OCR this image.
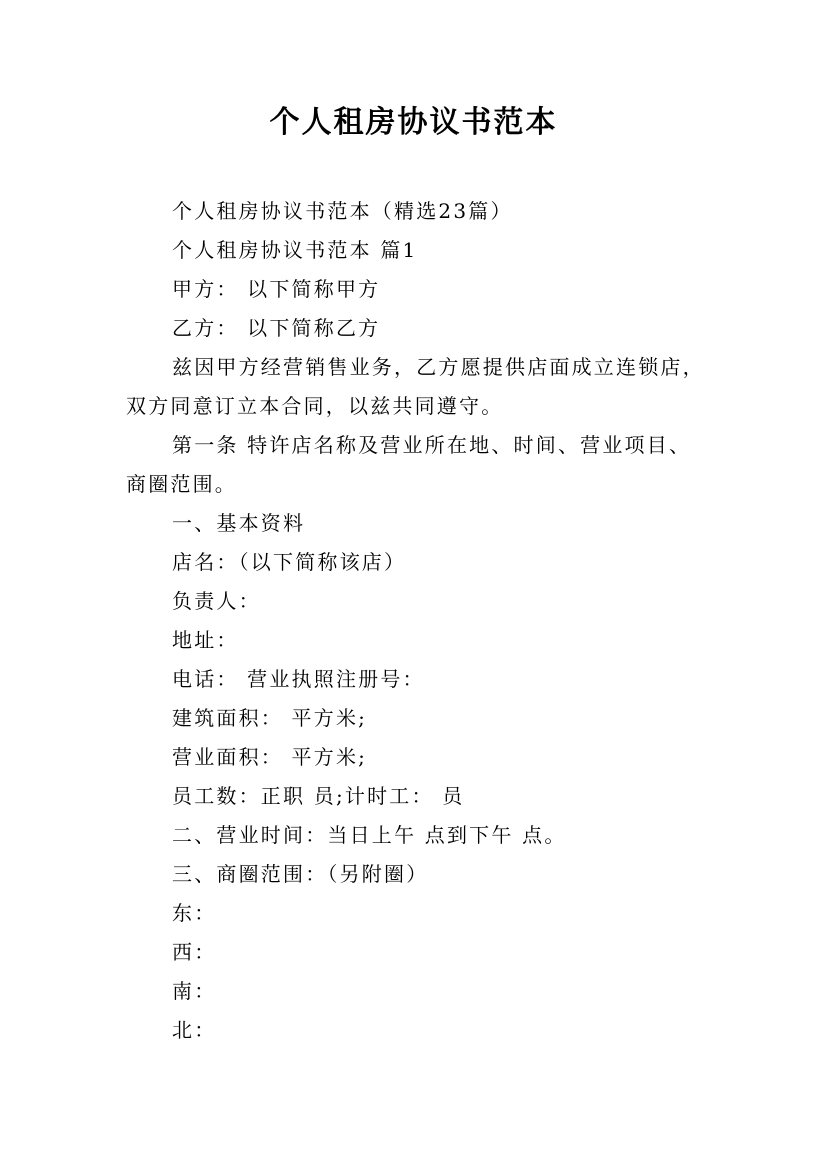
个人租房协议书范本
个人租房协议书范本（精选23篇）
个人租房协议书范本 篇1
甲方： 以下简称甲方
乙方： 以下简称乙方
兹因甲方经营销售业务，乙方愿提供店面成立连锁店，
双方同意订立本合同，以兹共同遵守。
第一条 特许店名称及营业所在地、时间、营业项目、
商圈范围。
一、基本资料
店名：（以下简称该店）
负责人：
地址：
电话： 营业执照注册号：
建筑面积： 平方米;
营业面积： 平方米;
员工数：正职 员;计时工： 员
二、营业时间：当日上午 点到下午 点。
三、商圈范围：（另附圈）
东：
西：
南：
北：
